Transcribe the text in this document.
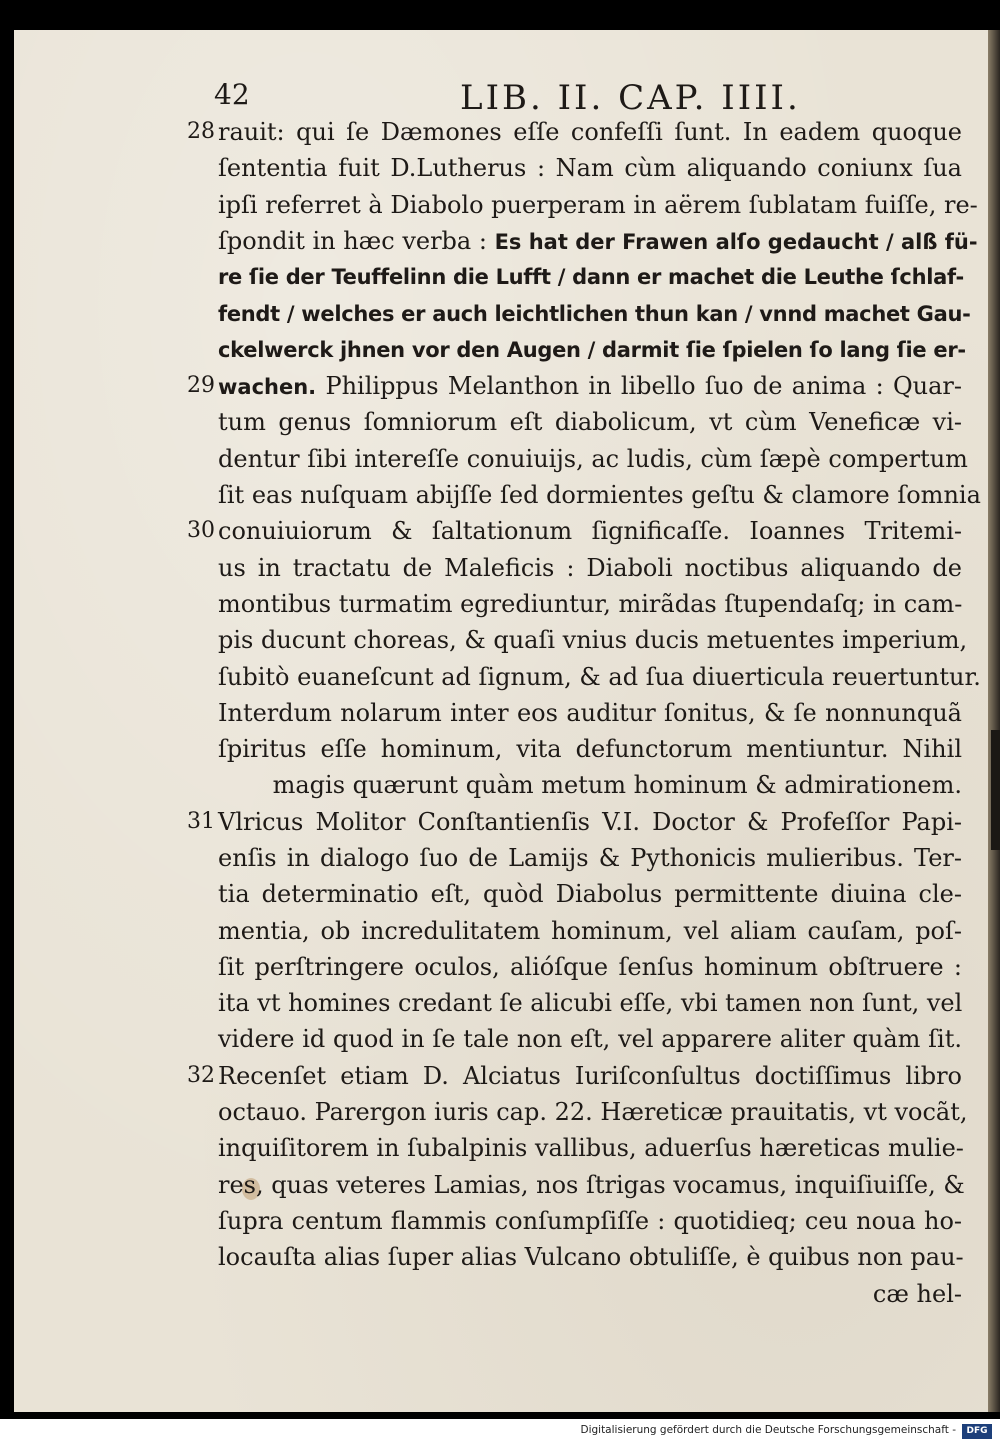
42	LIB. II. CAP. IIII.
28 rauit: qui ſe Dæmones eſſe confeſſi ſunt. In eadem quoque
ſententia fuit D.Lutherus : Nam cùm aliquando coniunx ſua
ipſi referret à Diabolo puerperam in aërem ſublatam fuiſſe, re-
ſpondit in hæc verba : Es hat der Frawen alſo gedaucht / alß fü-
re ſie der Teuffelinn die Lufft / dann er machet die Leuthe ſchlaf-
fendt / welches er auch leichtlichen thun kan / vnnd machet Gau-
ckelwerck jhnen vor den Augen / darmit ſie ſpielen ſo lang ſie er-
29 wachen. Philippus Melanthon in libello ſuo de anima : Quar-
tum genus ſomniorum eſt diabolicum, vt cùm Veneficæ vi-
dentur ſibi intereſſe conuiuijs, ac ludis, cùm ſæpè compertum
ſit eas nuſquam abijſſe ſed dormientes geſtu & clamore ſomnia
30 conuiuiorum & ſaltationum ſignificaſſe. Ioannes Tritemi-
us in tractatu de Maleficis : Diaboli noctibus aliquando de
montibus turmatim egrediuntur, mirãdas ſtupendaſq; in cam-
pis ducunt choreas, & quaſi vnius ducis metuentes imperium,
ſubitò euaneſcunt ad ſignum, & ad ſua diuerticula reuertuntur.
Interdum nolarum inter eos auditur ſonitus, & ſe nonnunquã
ſpiritus eſſe hominum, vita defunctorum mentiuntur. Nihil
magis quærunt quàm metum hominum & admirationem.
31 Vlricus Molitor Conſtantienſis V.I. Doctor & Profeſſor Papi-
enſis in dialogo ſuo de Lamijs & Pythonicis mulieribus. Ter-
tia determinatio eſt, quòd Diabolus permittente diuina cle-
mentia, ob incredulitatem hominum, vel aliam cauſam, poſ-
ſit perſtringere oculos, alióſque ſenſus hominum obſtruere :
ita vt homines credant ſe alicubi eſſe, vbi tamen non ſunt, vel
videre id quod in ſe tale non eſt, vel apparere aliter quàm ſit.
32 Recenſet etiam D. Alciatus Iuriſconſultus doctiſſimus libro
octauo. Parergon iuris cap. 22. Hæreticæ prauitatis, vt vocãt,
inquiſitorem in ſubalpinis vallibus, aduerſus hæreticas mulie-
res, quas veteres Lamias, nos ſtrigas vocamus, inquiſiuiſſe, &
ſupra centum flammis conſumpſiſſe : quotidieq; ceu noua ho-
locauſta alias ſuper alias Vulcano obtuliſſe, è quibus non pau-
cæ hel-
Digitalisierung gefördert durch die Deutsche Forschungsgemeinschaft -	DFG
